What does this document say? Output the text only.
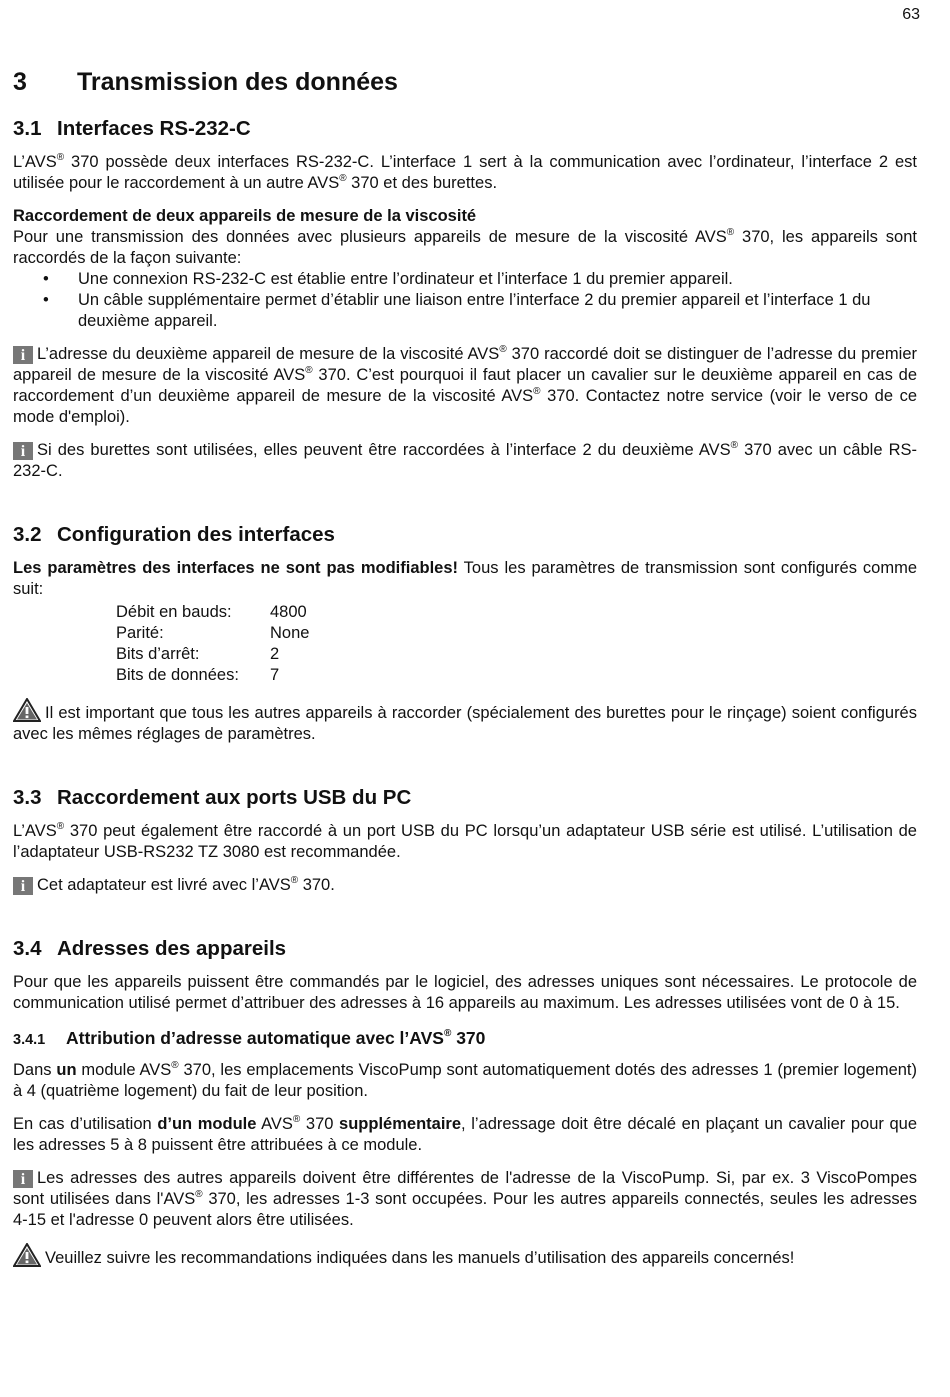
63
3 Transmission des données
3.1 Interfaces RS-232-C

L’AVS® 370 possède deux interfaces RS-232-C. L’interface 1 sert à la communication avec l’ordinateur, l’interface 2 est utilisée pour le raccordement à un autre AVS® 370 et des burettes.

Raccordement de deux appareils de mesure de la viscosité

Pour une transmission des données avec plusieurs appareils de mesure de la viscosité AVS® 370, les appareils sont raccordés de la façon suivante:

• Une connexion RS-232-C est établie entre l’ordinateur et l’interface 1 du premier appareil.
• Un câble supplémentaire permet d’établir une liaison entre l’interface 2 du premier appareil et l’interface 1 du deuxième appareil.

i L’adresse du deuxième appareil de mesure de la viscosité AVS® 370 raccordé doit se distinguer de l’adresse du premier appareil de mesure de la viscosité AVS® 370. C’est pourquoi il faut placer un cavalier sur le deuxième appareil en cas de raccordement d’un deuxième appareil de mesure de la viscosité AVS® 370. Contactez notre service (voir le verso de ce mode d'emploi).

i Si des burettes sont utilisées, elles peuvent être raccordées à l’interface 2 du deuxième AVS® 370 avec un câble RS-232-C.

3.2 Configuration des interfaces

Les paramètres des interfaces ne sont pas modifiables! Tous les paramètres de transmission sont configurés comme suit:

Débit en bauds:	4800
Parité:	None
Bits d’arrêt:	2
Bits de données:	7

Il est important que tous les autres appareils à raccorder (spécialement des burettes pour le rinçage) soient configurés avec les mêmes réglages de paramètres.

3.3 Raccordement aux ports USB du PC

L’AVS® 370 peut également être raccordé à un port USB du PC lorsqu’un adaptateur USB série est utilisé. L’utilisation de l’adaptateur USB-RS232 TZ 3080 est recommandée.

i Cet adaptateur est livré avec l’AVS® 370.

3.4 Adresses des appareils

Pour que les appareils puissent être commandés par le logiciel, des adresses uniques sont nécessaires. Le protocole de communication utilisé permet d’attribuer des adresses à 16 appareils au maximum. Les adresses utilisées vont de 0 à 15.

3.4.1 Attribution d’adresse automatique avec l’AVS® 370

Dans un module AVS® 370, les emplacements ViscoPump sont automatiquement dotés des adresses 1 (premier logement) à 4 (quatrième logement) du fait de leur position.

En cas d’utilisation d’un module AVS® 370 supplémentaire, l’adressage doit être décalé en plaçant un cavalier pour que les adresses 5 à 8 puissent être attribuées à ce module.

i Les adresses des autres appareils doivent être différentes de l'adresse de la ViscoPump. Si, par ex. 3 ViscoPompes sont utilisées dans l'AVS® 370, les adresses 1-3 sont occupées. Pour les autres appareils connectés, seules les adresses 4-15 et l'adresse 0 peuvent alors être utilisées.

Veuillez suivre les recommandations indiquées dans les manuels d’utilisation des appareils concernés!
